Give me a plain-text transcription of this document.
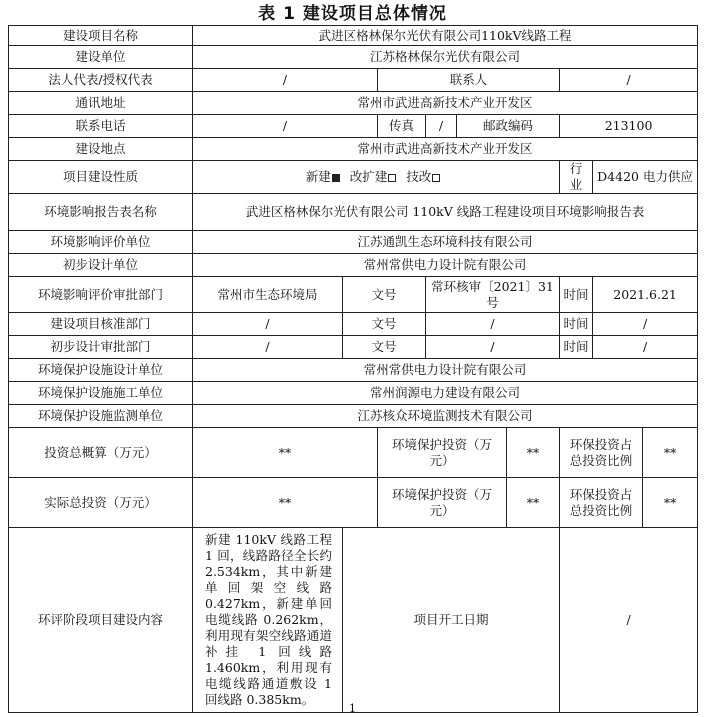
表 1 建设项目总体情况
建设项目名称	武进区格林保尔光伏有限公司110kV线路工程								
建设单位	江苏格林保尔光伏有限公司								
法人代表/授权代表	/		联系人				/		
通讯地址	常州市武进高新技术产业开发区								
联系电话	/		传真	/	邮政编码		213100		
建设地点	常州市武进高新技术产业开发区								
项目建设性质	新建 改扩建 技改						行业	D4420 电力供应	
环境影响报告表名称	武进区格林保尔光伏有限公司 110kV 线路工程建设项目环境影响报告表								
环境影响评价单位	江苏通凯生态环境科技有限公司								
初步设计单位	常州常供电力设计院有限公司								
环境影响评价审批部门	常州市生态环境局	文号		常环核审〔2021〕31 号			时间	2021.6.21	
建设项目核准部门	/	文号		/			时间	/	
初步设计审批部门	/	文号		/			时间	/	
环境保护设施设计单位	常州常供电力设计院有限公司								
环境保护设施施工单位	常州润源电力建设有限公司								
环境保护设施监测单位	江苏核众环境监测技术有限公司								
投资总概算（万元）	**		环境保护投资（万元）			**	环保投资占总投资比例		**
实际总投资（万元）	**		环境保护投资（万元）			**	环保投资占总投资比例		**
环评阶段项目建设内容	新建 110kV 线路工程 1 回，线路路径全长约 2.534km，其中新建单回架空线路 0.427km，新建单回电缆线路 0.262km，利用现有架空线路通道补挂 1 回线路 1.460km，利用现有电缆线路通道敷设 1 回线路 0.385km。	项目开工日期					/		
1
